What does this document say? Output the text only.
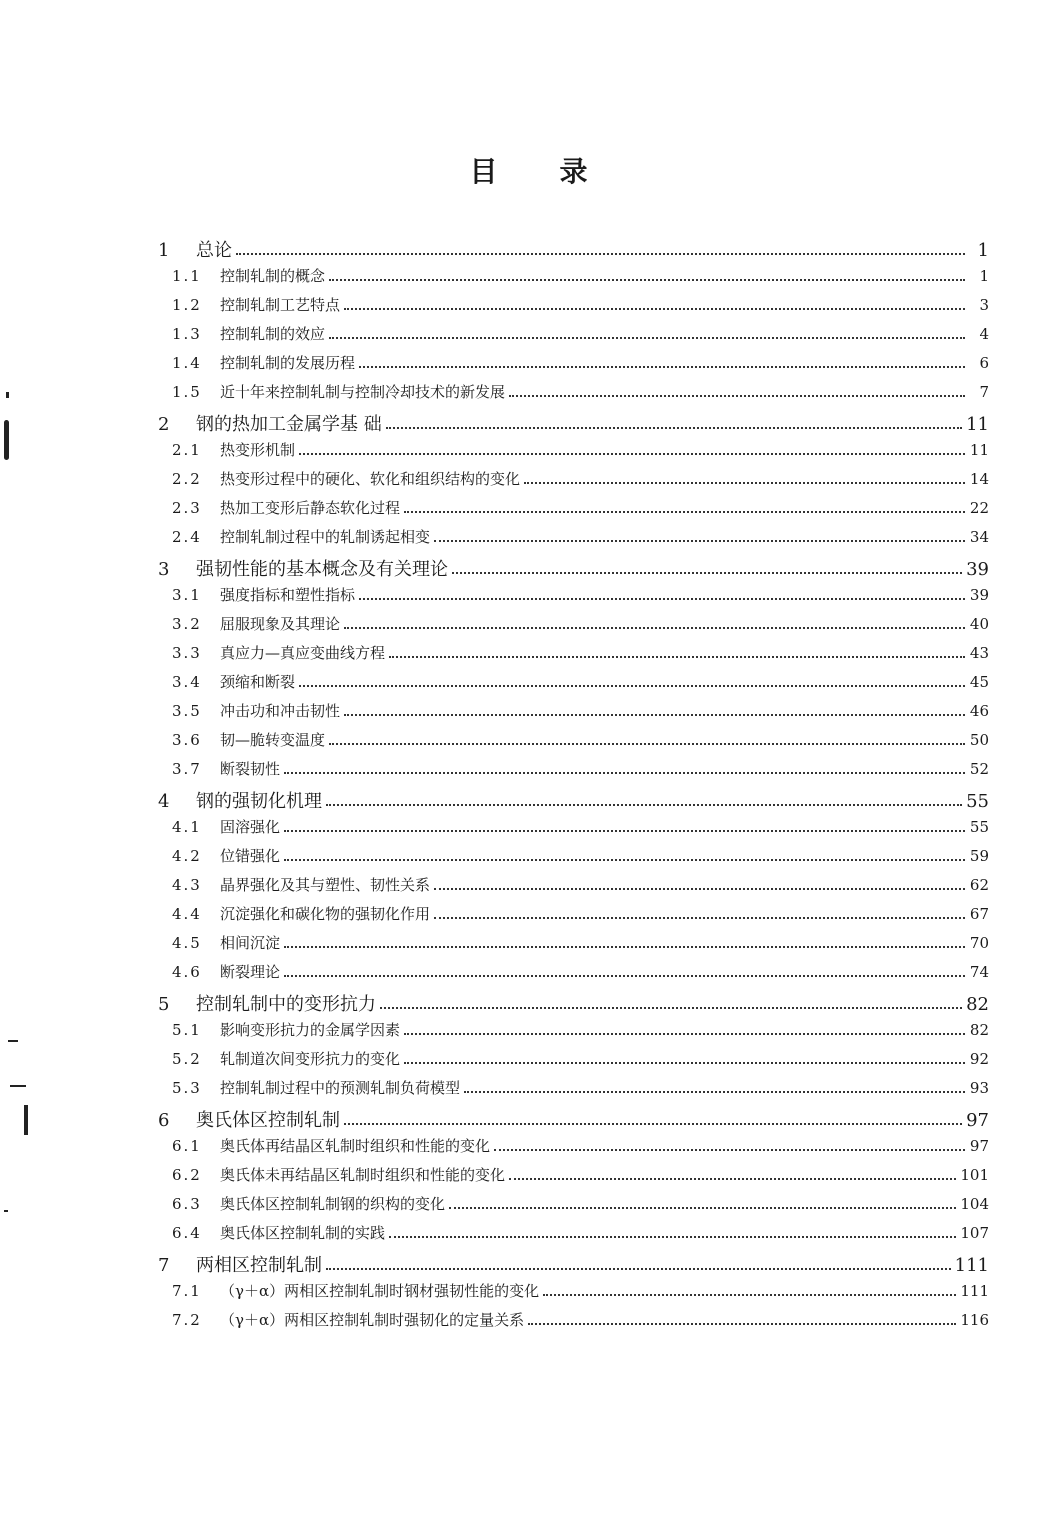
目 录
1	总论	1
1.1	控制轧制的概念	1
1.2	控制轧制工艺特点	3
1.3	控制轧制的效应	4
1.4	控制轧制的发展历程	6
1.5	近十年来控制轧制与控制冷却技术的新发展	7
2	钢的热加工金属学基 础	11
2.1	热变形机制	11
2.2	热变形过程中的硬化、软化和组织结构的变化	14
2.3	热加工变形后静态软化过程	22
2.4	控制轧制过程中的轧制诱起相变	34
3	强韧性能的基本概念及有关理论	39
3.1	强度指标和塑性指标	39
3.2	屈服现象及其理论	40
3.3	真应力—真应变曲线方程	43
3.4	颈缩和断裂	45
3.5	冲击功和冲击韧性	46
3.6	韧—脆转变温度	50
3.7	断裂韧性	52
4	钢的强韧化机理	55
4.1	固溶强化	55
4.2	位错强化	59
4.3	晶界强化及其与塑性、韧性关系	62
4.4	沉淀强化和碳化物的强韧化作用	67
4.5	相间沉淀	70
4.6	断裂理论	74
5	控制轧制中的变形抗力	82
5.1	影响变形抗力的金属学因素	82
5.2	轧制道次间变形抗力的变化	92
5.3	控制轧制过程中的预测轧制负荷模型	93
6	奥氏体区控制轧制	97
6.1	奥氏体再结晶区轧制时组织和性能的变化	97
6.2	奥氏体未再结晶区轧制时组织和性能的变化	101
6.3	奥氏体区控制轧制钢的织构的变化	104
6.4	奥氏体区控制轧制的实践	107
7	两相区控制轧制	111
7.1	（γ＋α）两相区控制轧制时钢材强韧性能的变化	111
7.2	（γ＋α）两相区控制轧制时强韧化的定量关系	116
